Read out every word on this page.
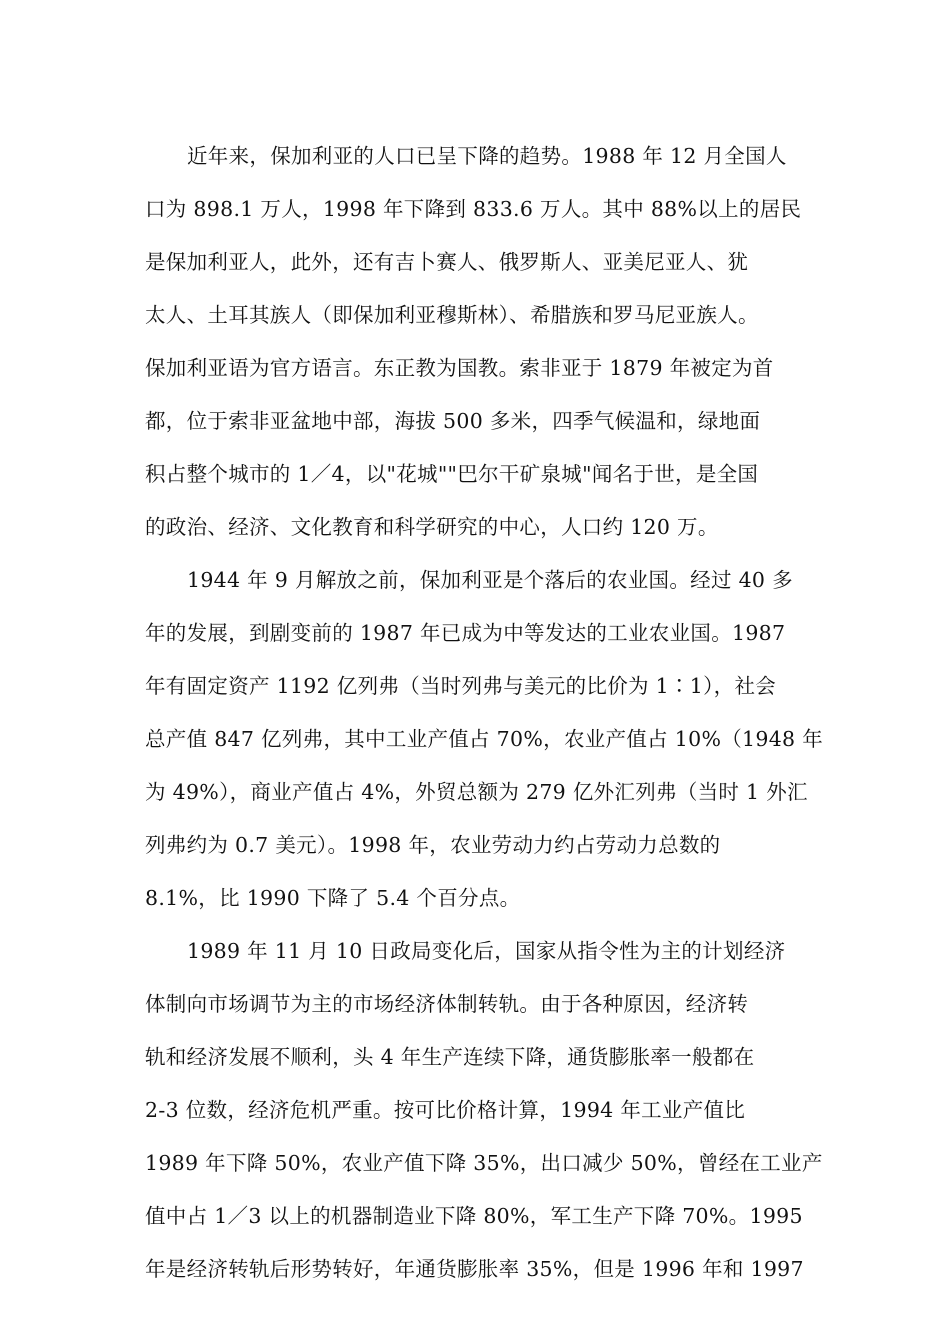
近年来，保加利亚的人口已呈下降的趋势。1988 年 12 月全国人
口为 898.1 万人，1998 年下降到 833.6 万人。其中 88%以上的居民
是保加利亚人，此外，还有吉卜赛人、俄罗斯人、亚美尼亚人、犹
太人、土耳其族人（即保加利亚穆斯林）、希腊族和罗马尼亚族人。
保加利亚语为官方语言。东正教为国教。索非亚于 1879 年被定为首
都，位于索非亚盆地中部，海拔 500 多米，四季气候温和，绿地面
积占整个城市的 1／4，以"花城""巴尔干矿泉城"闻名于世，是全国
的政治、经济、文化教育和科学研究的中心，人口约 120 万。
1944 年 9 月解放之前，保加利亚是个落后的农业国。经过 40 多
年的发展，到剧变前的 1987 年已成为中等发达的工业农业国。1987
年有固定资产 1192 亿列弗（当时列弗与美元的比价为 1∶1），社会
总产值 847 亿列弗，其中工业产值占 70%，农业产值占 10%（1948 年
为 49%），商业产值占 4%，外贸总额为 279 亿外汇列弗（当时 1 外汇
列弗约为 0.7 美元）。1998 年，农业劳动力约占劳动力总数的
8.1%，比 1990 下降了 5.4 个百分点。
1989 年 11 月 10 日政局变化后，国家从指令性为主的计划经济
体制向市场调节为主的市场经济体制转轨。由于各种原因，经济转
轨和经济发展不顺利，头 4 年生产连续下降，通货膨胀率一般都在
2-3 位数，经济危机严重。按可比价格计算，1994 年工业产值比
1989 年下降 50%，农业产值下降 35%，出口减少 50%，曾经在工业产
值中占 1／3 以上的机器制造业下降 80%，军工生产下降 70%。1995
年是经济转轨后形势转好，年通货膨胀率 35%，但是 1996 年和 1997
